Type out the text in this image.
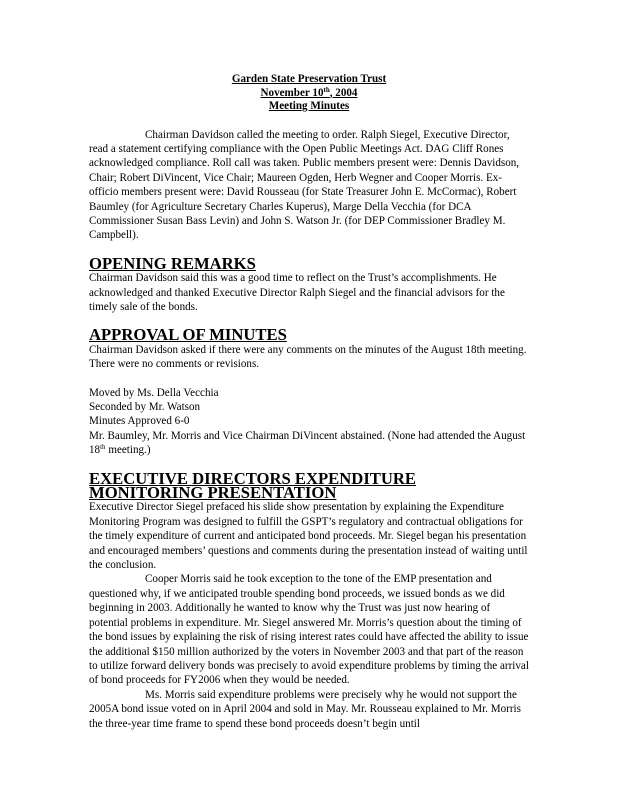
Garden State Preservation Trust
November 10th, 2004
Meeting Minutes

Chairman Davidson called the meeting to order. Ralph Siegel, Executive Director, read a statement certifying compliance with the Open Public Meetings Act. DAG Cliff Rones acknowledged compliance. Roll call was taken. Public members present were: Dennis Davidson, Chair; Robert DiVincent, Vice Chair; Maureen Ogden, Herb Wegner and Cooper Morris. Ex-officio members present were: David Rousseau (for State Treasurer John E. McCormac), Robert Baumley (for Agriculture Secretary Charles Kuperus), Marge Della Vecchia (for DCA Commissioner Susan Bass Levin) and John S. Watson Jr. (for DEP Commissioner Bradley M. Campbell).

OPENING REMARKS

Chairman Davidson said this was a good time to reflect on the Trust’s accomplishments. He acknowledged and thanked Executive Director Ralph Siegel and the financial advisors for the timely sale of the bonds.

APPROVAL OF MINUTES

Chairman Davidson asked if there were any comments on the minutes of the August 18th meeting. There were no comments or revisions.

Moved by Ms. Della Vecchia

Seconded by Mr. Watson

Minutes Approved 6-0

Mr. Baumley, Mr. Morris and Vice Chairman DiVincent abstained. (None had attended the August 18th meeting.)

EXECUTIVE DIRECTORS EXPENDITURE MONITORING PRESENTATION

Executive Director Siegel prefaced his slide show presentation by explaining the Expenditure Monitoring Program was designed to fulfill the GSPT’s regulatory and contractual obligations for the timely expenditure of current and anticipated bond proceeds. Mr. Siegel began his presentation and encouraged members’ questions and comments during the presentation instead of waiting until the conclusion.

Cooper Morris said he took exception to the tone of the EMP presentation and questioned why, if we anticipated trouble spending bond proceeds, we issued bonds as we did beginning in 2003. Additionally he wanted to know why the Trust was just now hearing of potential problems in expenditure. Mr. Siegel answered Mr. Morris’s question about the timing of the bond issues by explaining the risk of rising interest rates could have affected the ability to issue the additional $150 million authorized by the voters in November 2003 and that part of the reason to utilize forward delivery bonds was precisely to avoid expenditure problems by timing the arrival of bond proceeds for FY2006 when they would be needed.

Ms. Morris said expenditure problems were precisely why he would not support the 2005A bond issue voted on in April 2004 and sold in May. Mr. Rousseau explained to Mr. Morris the three-year time frame to spend these bond proceeds doesn’t begin until
